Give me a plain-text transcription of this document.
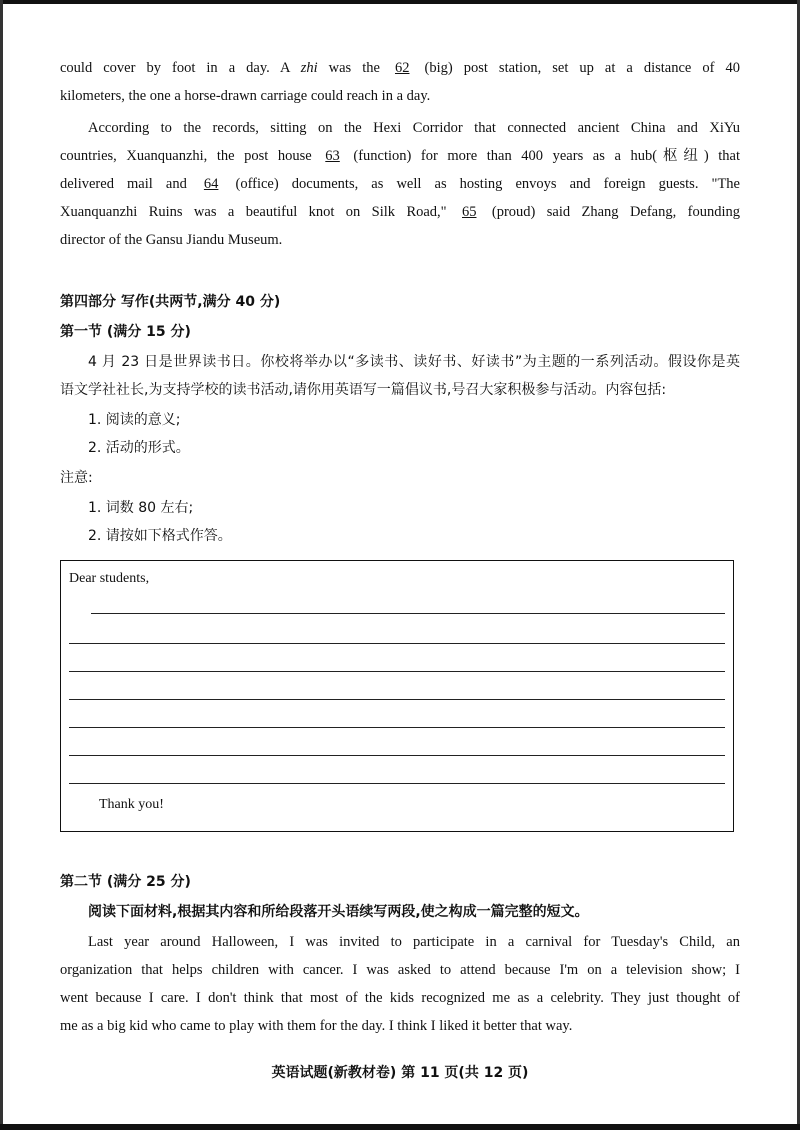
could cover by foot in a day. A zhi was the 62 (big) post station, set up at a distance of 40
kilometers, the one a horse-drawn carriage could reach in a day.
According to the records, sitting on the Hexi Corridor that connected ancient China and XiYu
countries, Xuanquanzhi, the post house 63 (function) for more than 400 years as a hub(枢纽) that
delivered mail and 64 (office) documents, as well as hosting envoys and foreign guests. "The
Xuanquanzhi Ruins was a beautiful knot on Silk Road," 65 (proud) said Zhang Defang, founding
director of the Gansu Jiandu Museum.
第四部分 写作(共两节,满分 40 分)
第一节 (满分 15 分)
4 月 23 日是世界读书日。你校将举办以“多读书、读好书、好读书”为主题的一系列活动。假设你是英
语文学社社长,为支持学校的读书活动,请你用英语写一篇倡议书,号召大家积极参与活动。内容包括:
1. 阅读的意义;
2. 活动的形式。
注意:
1. 词数 80 左右;
2. 请按如下格式作答。
Dear students,
Thank you!
第二节 (满分 25 分)
阅读下面材料,根据其内容和所给段落开头语续写两段,使之构成一篇完整的短文。
Last year around Halloween, I was invited to participate in a carnival for Tuesday's Child, an
organization that helps children with cancer. I was asked to attend because I'm on a television show; I
went because I care. I don't think that most of the kids recognized me as a celebrity. They just thought of
me as a big kid who came to play with them for the day. I think I liked it better that way.
英语试题(新教材卷) 第 11 页(共 12 页)
